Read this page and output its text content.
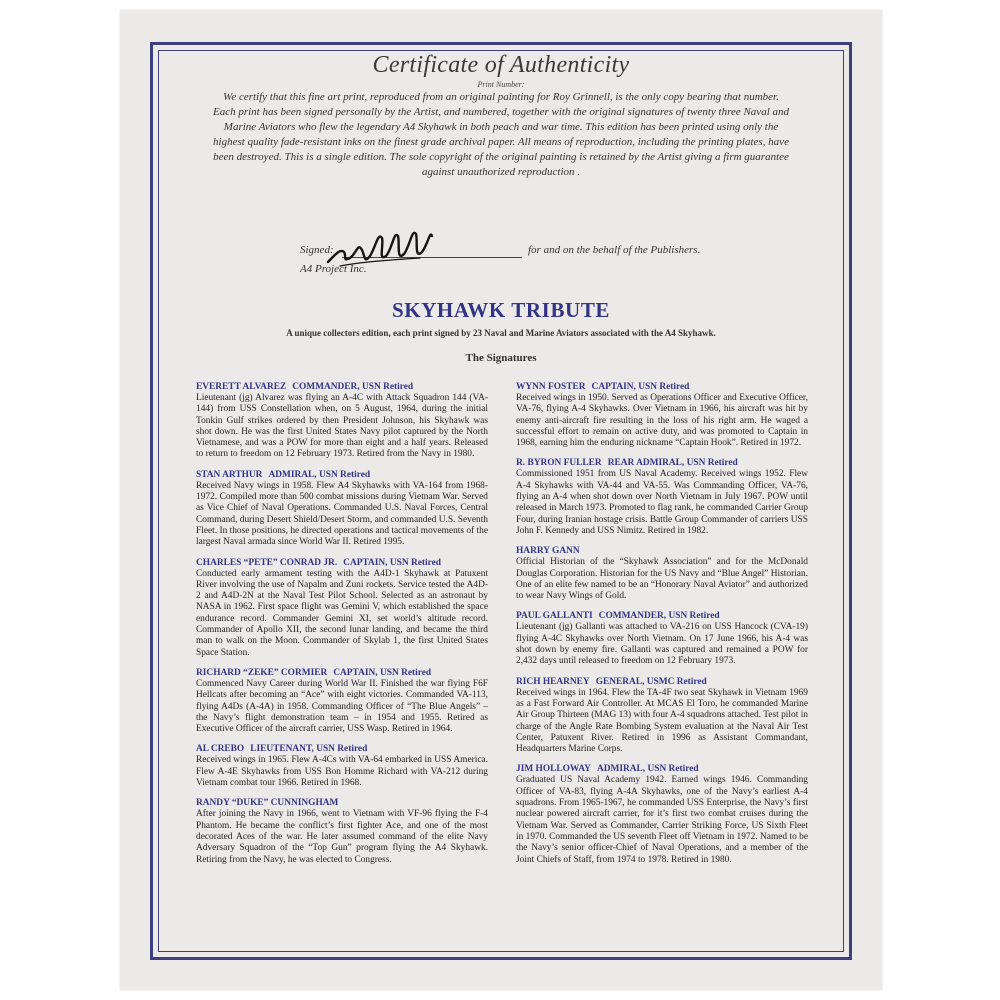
Certificate of Authenticity
Print Number:
We certify that this fine art print, reproduced from an original painting for Roy Grinnell, is the only copy bearing that number. Each print has been signed personally by the Artist, and numbered, together with the original signatures of twenty three Naval and Marine Aviators who flew the legendary A4 Skyhawk in both peach and war time. This edition has been printed using only the highest quality fade-resistant inks on the finest grade archival paper. All means of reproduction, including the printing plates, have been destroyed. This is a single edition. The sole copyright of the original painting is retained by the Artist giving a firm guarantee against unauthorized reproduction .
Signed:	for and on the behalf of the Publishers.
A4 Project Inc.
SKYHAWK TRIBUTE
A unique collectors edition, each print signed by 23 Naval and Marine Aviators associated with the A4 Skyhawk.
The Signatures
EVERETT ALVAREZ COMMANDER, USN Retired
Lieutenant (jg) Alvarez was flying an A-4C with Attack Squadron 144 (VA-144) from USS Constellation when, on 5 August, 1964, during the initial Tonkin Gulf strikes ordered by then President Johnson, his Skyhawk was shot down. He was the first United States Navy pilot captured by the North Vietnamese, and was a POW for more than eight and a half years. Released to return to freedom on 12 February 1973. Retired from the Navy in 1980.
STAN ARTHUR ADMIRAL, USN Retired
Received Navy wings in 1958. Flew A4 Skyhawks with VA-164 from 1968-1972. Compiled more than 500 combat missions during Vietnam War. Served as Vice Chief of Naval Operations. Commanded U.S. Naval Forces, Central Command, during Desert Shield/Desert Storm, and commanded U.S. Seventh Fleet. In those positions, he directed operations and tactical movements of the largest Naval armada since World War II. Retired 1995.
CHARLES “PETE” CONRAD JR. CAPTAIN, USN Retired
Conducted early armament testing with the A4D-1 Skyhawk at Patuxent River involving the use of Napalm and Zuni rockets. Service tested the A4D-2 and A4D-2N at the Naval Test Pilot School. Selected as an astronaut by NASA in 1962. First space flight was Gemini V, which established the space endurance record. Commander Gemini XI, set world’s altitude record. Commander of Apollo XII, the second lunar landing, and became the third man to walk on the Moon. Commander of Skylab 1, the first United States Space Station.
RICHARD “ZEKE” CORMIER CAPTAIN, USN Retired
Commenced Navy Career during World War II. Finished the war flying F6F Hellcats after becoming an “Ace” with eight victories. Commanded VA-113, flying A4Ds (A-4A) in 1958. Commanding Officer of “The Blue Angels” – the Navy’s flight demonstration team – in 1954 and 1955. Retired as Executive Officer of the aircraft carrier, USS Wasp. Retired in 1964.
AL CREBO LIEUTENANT, USN Retired
Received wings in 1965. Flew A-4Cs with VA-64 embarked in USS America. Flew A-4E Skyhawks from USS Bon Homme Richard with VA-212 during Vietnam combat tour 1966. Retired in 1968.
RANDY “DUKE” CUNNINGHAM
After joining the Navy in 1966, went to Vietnam with VF-96 flying the F-4 Phantom. He became the conflict’s first fighter Ace, and one of the most decorated Aces of the war. He later assumed command of the elite Navy Adversary Squadron of the “Top Gun” program flying the A4 Skyhawk. Retiring from the Navy, he was elected to Congress.
WYNN FOSTER CAPTAIN, USN Retired
Received wings in 1950. Served as Operations Officer and Executive Officer, VA-76, flying A-4 Skyhawks. Over Vietnam in 1966, his aircraft was hit by enemy anti-aircraft fire resulting in the loss of his right arm. He waged a successful effort to remain on active duty, and was promoted to Captain in 1968, earning him the enduring nickname “Captain Hook”. Retired in 1972.
R. BYRON FULLER REAR ADMIRAL, USN Retired
Commissioned 1951 from US Naval Academy. Received wings 1952. Flew A-4 Skyhawks with VA-44 and VA-55. Was Commanding Officer, VA-76, flying an A-4 when shot down over North Vietnam in July 1967. POW until released in March 1973. Promoted to flag rank, he commanded Carrier Group Four, during Iranian hostage crisis. Battle Group Commander of carriers USS John F. Kennedy and USS Nimitz. Retired in 1982.
HARRY GANN
Official Historian of the “Skyhawk Association” and for the McDonald Douglas Corporation. Historian for the US Navy and “Blue Angel” Historian. One of an elite few named to be an “Honorary Naval Aviator” and authorized to wear Navy Wings of Gold.
PAUL GALLANTI COMMANDER, USN Retired
Lieutenant (jg) Gallanti was attached to VA-216 on USS Hancock (CVA-19) flying A-4C Skyhawks over North Vietnam. On 17 June 1966, his A-4 was shot down by enemy fire. Gallanti was captured and remained a POW for 2,432 days until released to freedom on 12 February 1973.
RICH HEARNEY GENERAL, USMC Retired
Received wings in 1964. Flew the TA-4F two seat Skyhawk in Vietnam 1969 as a Fast Forward Air Controller. At MCAS El Toro, he commanded Marine Air Group Thirteen (MAG 13) with four A-4 squadrons attached. Test pilot in charge of the Angle Rate Bombing System evaluation at the Naval Air Test Center, Patuxent River. Retired in 1996 as Assistant Commandant, Headquarters Marine Corps.
JIM HOLLOWAY ADMIRAL, USN Retired
Graduated US Naval Academy 1942. Earned wings 1946. Commanding Officer of VA-83, flying A-4A Skyhawks, one of the Navy’s earliest A-4 squadrons. From 1965-1967, he commanded USS Enterprise, the Navy’s first nuclear powered aircraft carrier, for it’s first two combat cruises during the Vietnam War. Served as Commander, Carrier Striking Force, US Sixth Fleet in 1970. Commanded the US seventh Fleet off Vietnam in 1972. Named to be the Navy’s senior officer-Chief of Naval Operations, and a member of the Joint Chiefs of Staff, from 1974 to 1978. Retired in 1980.
